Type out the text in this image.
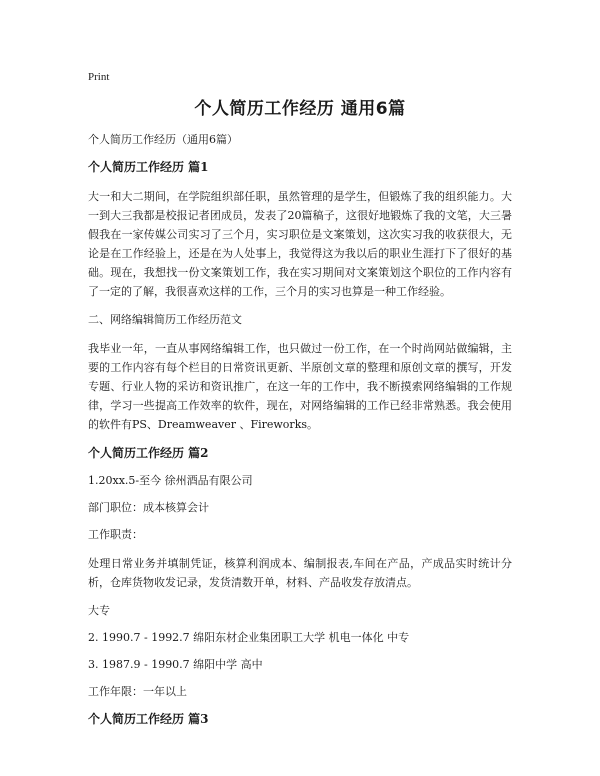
Print
个人简历工作经历 通用6篇

个人简历工作经历（通用6篇）

个人简历工作经历 篇1

大一和大二期间，在学院组织部任职，虽然管理的是学生，但锻炼了我的组织能力。大一到大三我都是校报记者团成员，发表了20篇稿子，这很好地锻炼了我的文笔，大三暑假我在一家传媒公司实习了三个月，实习职位是文案策划，这次实习我的收获很大，无论是在工作经验上，还是在为人处事上，我觉得这为我以后的职业生涯打下了很好的基础。现在，我想找一份文案策划工作，我在实习期间对文案策划这个职位的工作内容有了一定的了解，我很喜欢这样的工作，三个月的实习也算是一种工作经验。

二、网络编辑简历工作经历范文

我毕业一年，一直从事网络编辑工作，也只做过一份工作，在一个时尚网站做编辑，主要的工作内容有每个栏目的日常资讯更新、半原创文章的整理和原创文章的撰写，开发专题、行业人物的采访和资讯推广，在这一年的工作中，我不断摸索网络编辑的工作规律，学习一些提高工作效率的软件，现在，对网络编辑的工作已经非常熟悉。我会使用的软件有PS、Dreamweaver 、Fireworks。

个人简历工作经历 篇2

1.20xx.5-至今 徐州酒品有限公司

部门职位：成本核算会计

工作职责：

处理日常业务并填制凭证，核算利润成本、编制报表,车间在产品，产成品实时统计分析，仓库货物收发记录，发货清数开单，材料、产品收发存放清点。

大专

2. 1990.7 - 1992.7 绵阳东材企业集团职工大学 机电一体化 中专

3. 1987.9 - 1990.7 绵阳中学 高中

工作年限：一年以上

个人简历工作经历 篇3
